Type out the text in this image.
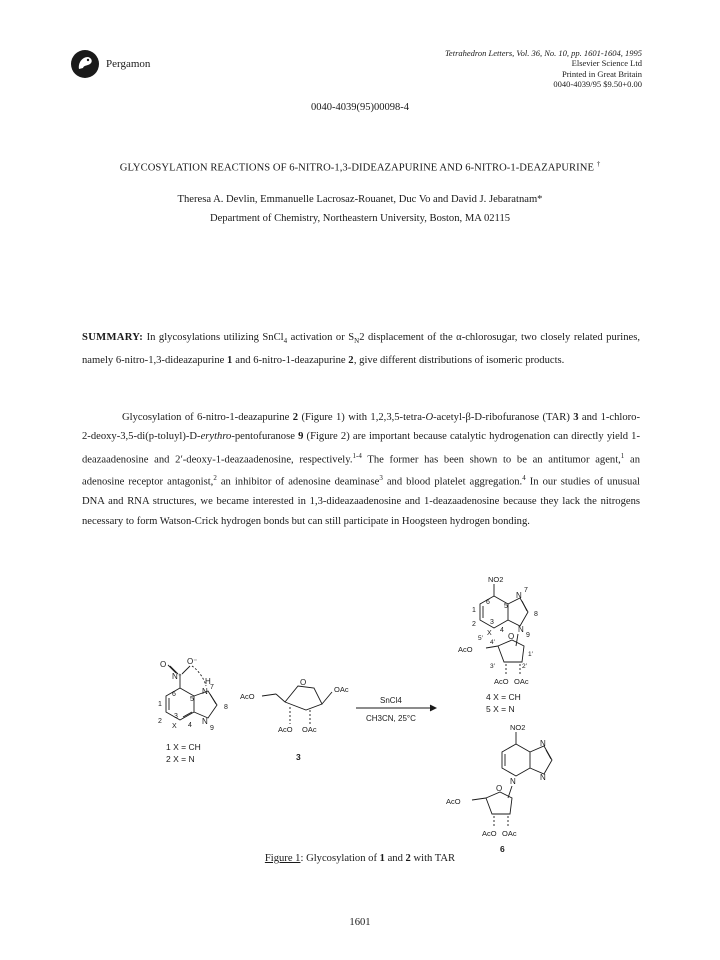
Pergamon
Tetrahedron Letters, Vol. 36, No. 10, pp. 1601-1604, 1995
Elsevier Science Ltd
Printed in Great Britain
0040-4039/95 $9.50+0.00
0040-4039(95)00098-4
GLYCOSYLATION REACTIONS OF 6-NITRO-1,3-DIDEAZAPURINE AND 6-NITRO-1-DEAZAPURINE †
Theresa A. Devlin, Emmanuelle Lacrosaz-Rouanet, Duc Vo and David J. Jebaratnam*
Department of Chemistry, Northeastern University, Boston, MA 02115
SUMMARY: In glycosylations utilizing SnCl$_4$ activation or $S_N2$ displacement of the α-chlorosugar, two closely related purines, namely 6-nitro-1,3-dideazapurine 1 and 6-nitro-1-deazapurine 2, give different distributions of isomeric products.
Glycosylation of 6-nitro-1-deazapurine 2 (Figure 1) with 1,2,3,5-tetra-O-acetyl-β-D-ribofuranose (TAR) 3 and 1-chloro-2-deoxy-3,5-di(p-toluyl)-D-erythro-pentofuranose 9 (Figure 2) are important because catalytic hydrogenation can directly yield 1-deazaadenosine and 2′-deoxy-1-deazaadenosine, respectively.$^{1-4}$ The former has been shown to be an antitumor agent,$^1$ an adenosine receptor antagonist,$^2$ an inhibitor of adenosine deaminase$^3$ and blood platelet aggregation.$^4$ In our studies of unusual DNA and RNA structures, we became interested in 1,3-dideazaadenosine and 1-deazaadenosine because they lack the nitrogens necessary to form Watson-Crick hydrogen bonds but can still participate in Hoogsteen hydrogen bonding.
O	O⁻
N⁺
H
6
1
2
X
3
4
5
N 7
8
N
9
1 X = CH
2 X = N
O
AcO
OAc
AcO OAc
3
SnCl4
CH3CN, 25°C
NO2
6
1
2 3
X 4
5
N
7
8
N
9
O
4′
5′
1′
2′
3′
AcO
AcO OAc
4 X = CH
5 X = N
NO2
N
N
N
O
AcO
AcO OAc
6
Figure 1: Glycosylation of 1 and 2 with TAR
1601
